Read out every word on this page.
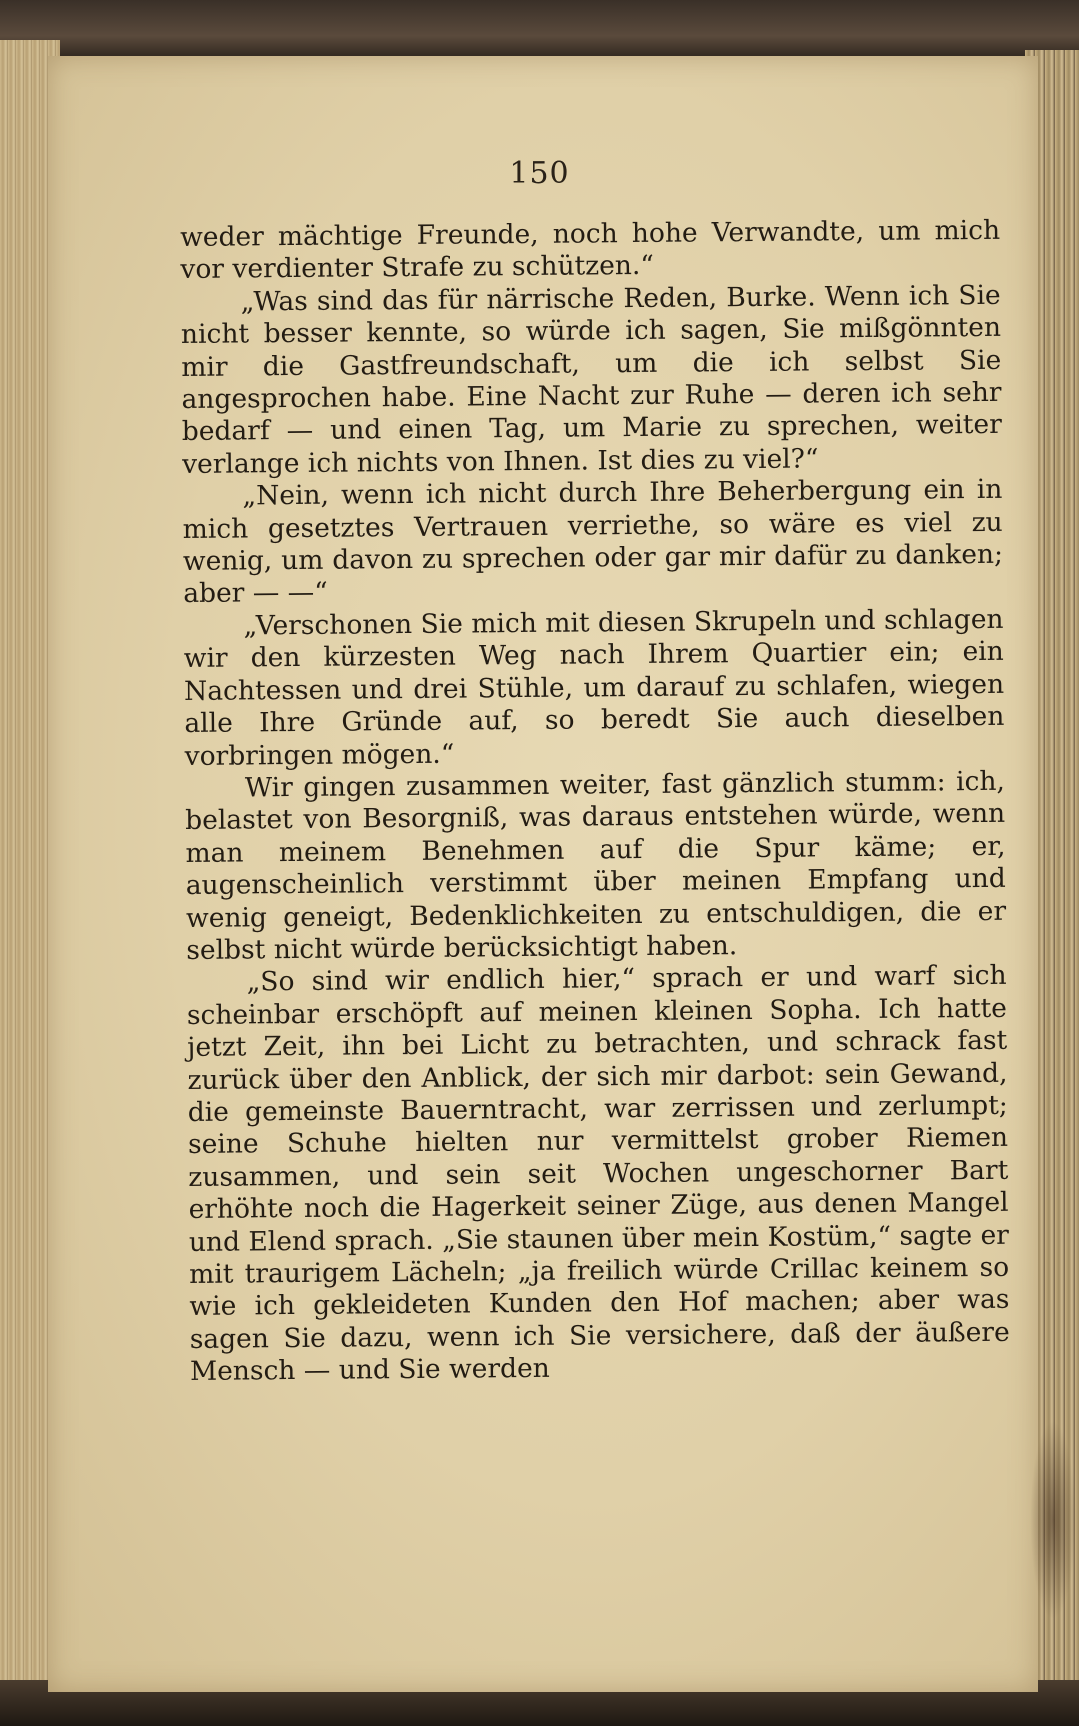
150

weder mächtige Freunde, noch hohe Verwandte, um mich vor verdienter Strafe zu schützen.“

„Was sind das für närrische Reden, Burke. Wenn ich Sie nicht besser kennte, so würde ich sagen, Sie mißgönnten mir die Gastfreundschaft, um die ich selbst Sie angesprochen habe. Eine Nacht zur Ruhe — deren ich sehr bedarf — und einen Tag, um Marie zu sprechen, weiter verlange ich nichts von Ihnen. Ist dies zu viel?“

„Nein, wenn ich nicht durch Ihre Beherbergung ein in mich gesetztes Vertrauen verriethe, so wäre es viel zu wenig, um davon zu sprechen oder gar mir dafür zu danken; aber — —“

„Verschonen Sie mich mit diesen Skrupeln und schlagen wir den kürzesten Weg nach Ihrem Quartier ein; ein Nachtessen und drei Stühle, um darauf zu schlafen, wiegen alle Ihre Gründe auf, so beredt Sie auch dieselben vorbringen mögen.“

Wir gingen zusammen weiter, fast gänzlich stumm: ich, belastet von Besorgniß, was daraus entstehen würde, wenn man meinem Benehmen auf die Spur käme; er, augenscheinlich verstimmt über meinen Empfang und wenig geneigt, Bedenklichkeiten zu entschuldigen, die er selbst nicht würde berücksichtigt haben.

„So sind wir endlich hier,“ sprach er und warf sich scheinbar erschöpft auf meinen kleinen Sopha. Ich hatte jetzt Zeit, ihn bei Licht zu betrachten, und schrack fast zurück über den Anblick, der sich mir darbot: sein Gewand, die gemeinste Bauerntracht, war zerrissen und zerlumpt; seine Schuhe hielten nur vermittelst grober Riemen zusammen, und sein seit Wochen ungeschorner Bart erhöhte noch die Hagerkeit seiner Züge, aus denen Mangel und Elend sprach. „Sie staunen über mein Kostüm,“ sagte er mit traurigem Lächeln; „ja freilich würde Crillac keinem so wie ich gekleideten Kunden den Hof machen; aber was sagen Sie dazu, wenn ich Sie versichere, daß der äußere Mensch — und Sie werden
